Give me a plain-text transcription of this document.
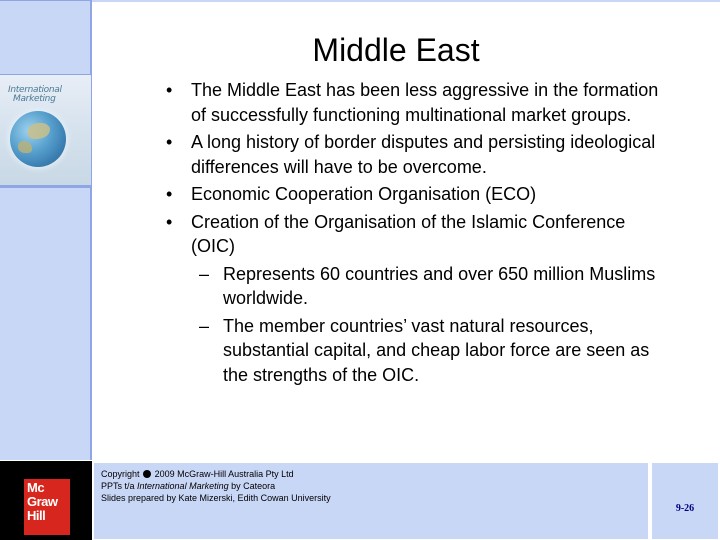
International
Marketing
Middle East
• The Middle East has been less aggressive in the formation of successfully functioning multinational market groups.
• A long history of border disputes and persisting ideological differences will have to be overcome.
• Economic Cooperation Organisation (ECO)
• Creation of the Organisation of the Islamic Conference (OIC)
– Represents 60 countries and over 650 million Muslims worldwide.
– The member countries’ vast natural resources, substantial capital, and cheap labor force are seen as the strengths of the OIC.
Mc
Graw
Hill
Copyright 2009 McGraw-Hill Australia Pty Ltd
PPTs t/a International Marketing by Cateora
Slides prepared by Kate Mizerski, Edith Cowan University
9-26
